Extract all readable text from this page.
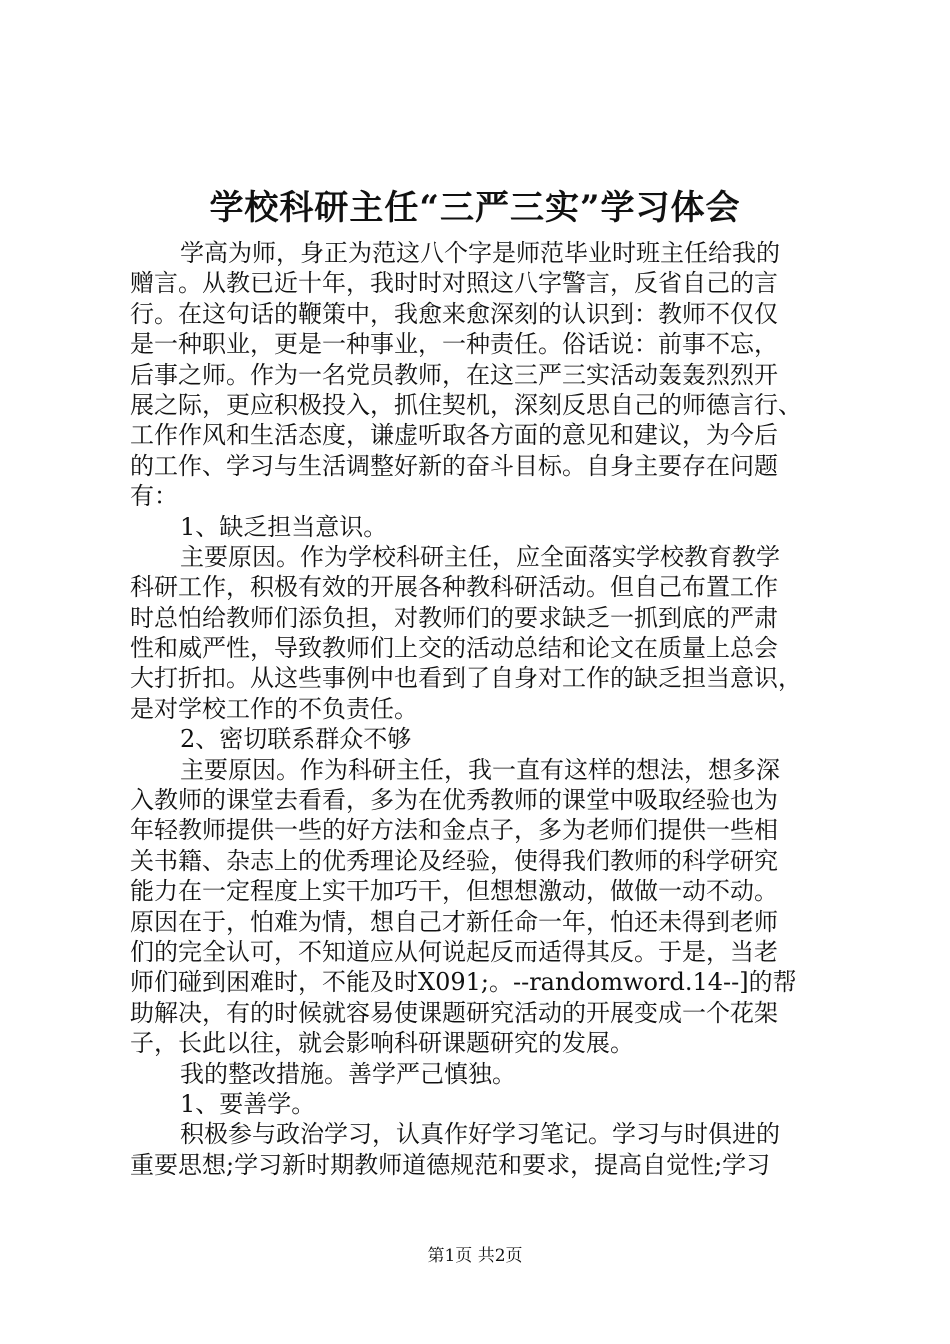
学校科研主任“三严三实”学习体会
学高为师，身正为范这八个字是师范毕业时班主任给我的
赠言。从教已近十年，我时时对照这八字警言，反省自己的言
行。在这句话的鞭策中，我愈来愈深刻的认识到：教师不仅仅
是一种职业，更是一种事业，一种责任。俗话说：前事不忘，
后事之师。作为一名党员教师，在这三严三实活动轰轰烈烈开
展之际，更应积极投入，抓住契机，深刻反思自己的师德言行、
工作作风和生活态度，谦虚听取各方面的意见和建议，为今后
的工作、学习与生活调整好新的奋斗目标。自身主要存在问题
有：
1、缺乏担当意识。
主要原因。作为学校科研主任，应全面落实学校教育教学
科研工作，积极有效的开展各种教科研活动。但自己布置工作
时总怕给教师们添负担，对教师们的要求缺乏一抓到底的严肃
性和威严性，导致教师们上交的活动总结和论文在质量上总会
大打折扣。从这些事例中也看到了自身对工作的缺乏担当意识，
是对学校工作的不负责任。
2、密切联系群众不够
主要原因。作为科研主任，我一直有这样的想法，想多深
入教师的课堂去看看，多为在优秀教师的课堂中吸取经验也为
年轻教师提供一些的好方法和金点子，多为老师们提供一些相
关书籍、杂志上的优秀理论及经验，使得我们教师的科学研究
能力在一定程度上实干加巧干，但想想激动，做做一动不动。
原因在于，怕难为情，想自己才新任命一年，怕还未得到老师
们的完全认可，不知道应从何说起反而适得其反。于是，当老
师们碰到困难时，不能及时X091;。--randomword.14--]的帮
助解决，有的时候就容易使课题研究活动的开展变成一个花架
子，长此以往，就会影响科研课题研究的发展。
我的整改措施。善学严己慎独。
1、要善学。
积极参与政治学习，认真作好学习笔记。学习与时俱进的
重要思想;学习新时期教师道德规范和要求，提高自觉性;学习
第1页 共2页
